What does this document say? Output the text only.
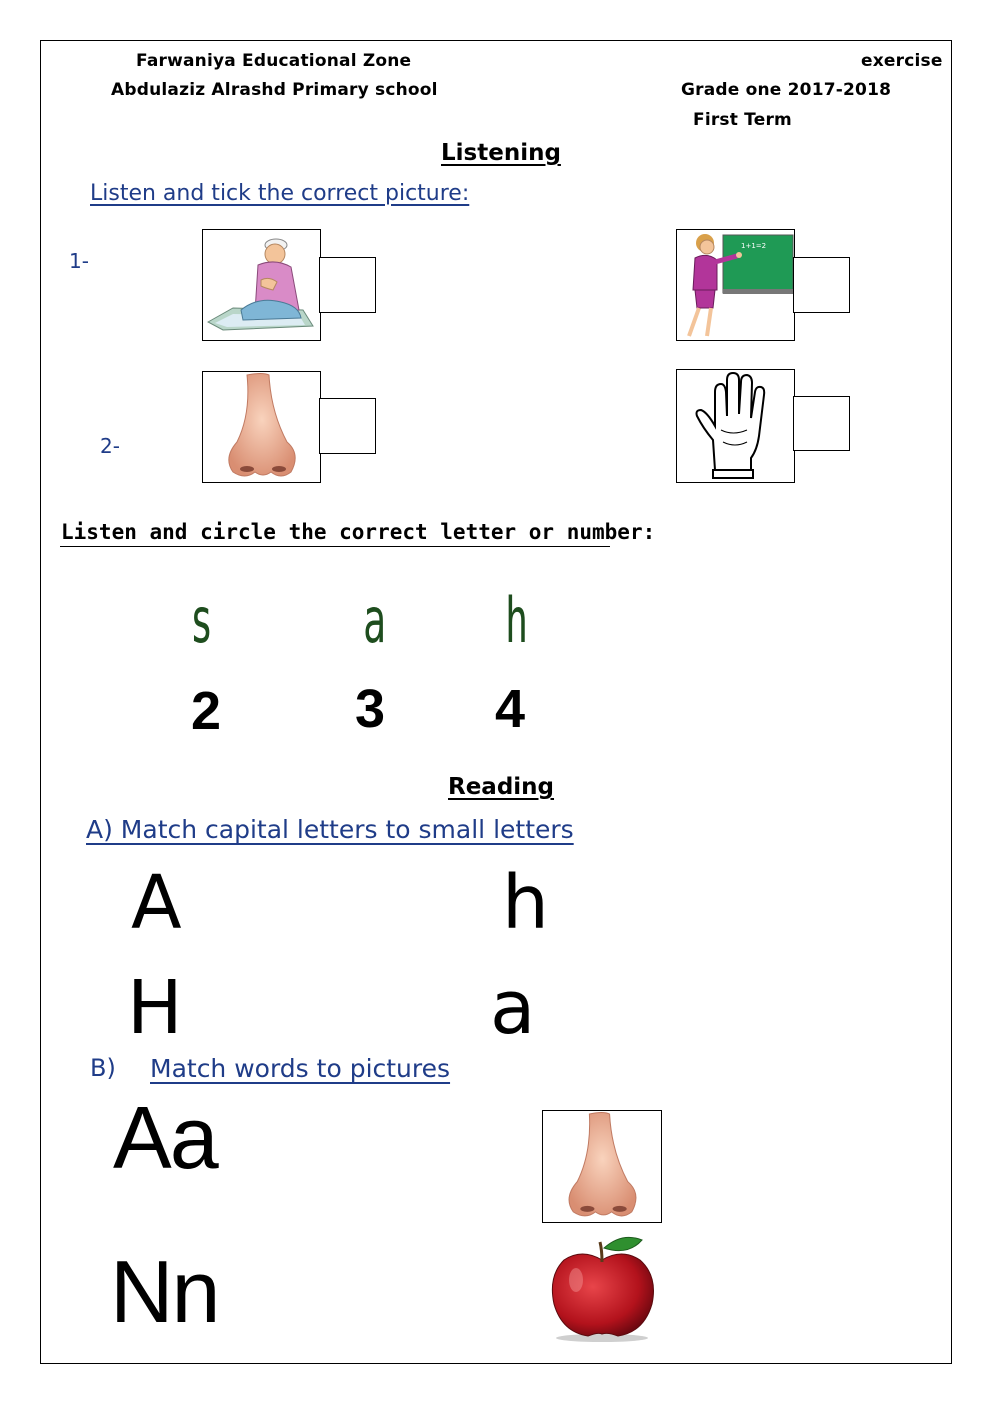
Farwaniya Educational Zone
Abdulaziz Alrashd Primary school
exercise
Grade one 2017-2018
First Term
Listening
Listen and tick the correct picture:
1-
2-
1+1=2
Listen and circle the correct letter or number:
s a h
2 3 4
Reading
A) Match capital letters to small letters
A
H
h
a
B) Match words to pictures
Aa
Nn
